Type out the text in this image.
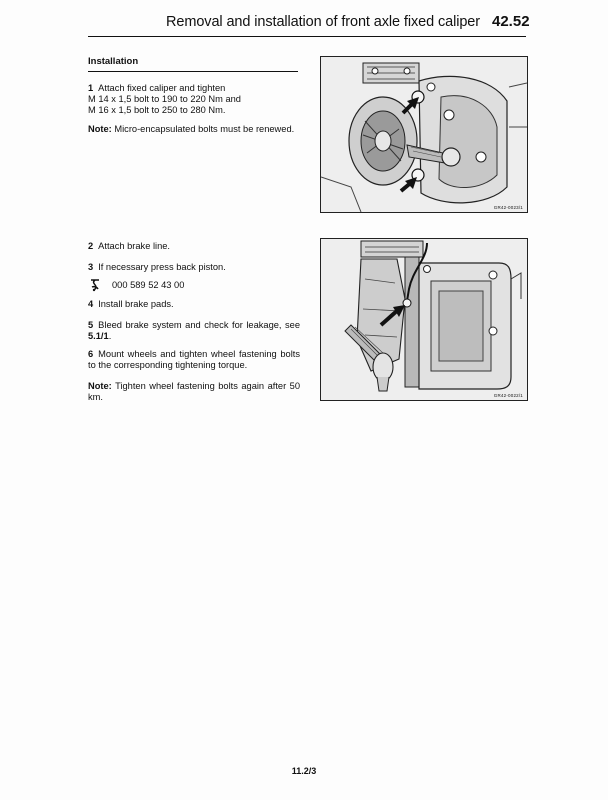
Removal and installation of front axle fixed caliper 42.52
Installation
1 Attach fixed caliper and tighten
M 14 x 1,5 bolt to 190 to 220 Nm and
M 16 x 1,5 bolt to 250 to 280 Nm.
Note: Micro-encapsulated bolts must be renewed.
2 Attach brake line.
3 If necessary press back piston.
000 589 52 43 00
4 Install brake pads.
5 Bleed brake system and check for leakage, see 5.1/1.
6 Mount wheels and tighten wheel fastening bolts to the corresponding tightening torque.
Note: Tighten wheel fastening bolts again after 50 km.
GR42-0023/1
GR42-0022/1
11.2/3
